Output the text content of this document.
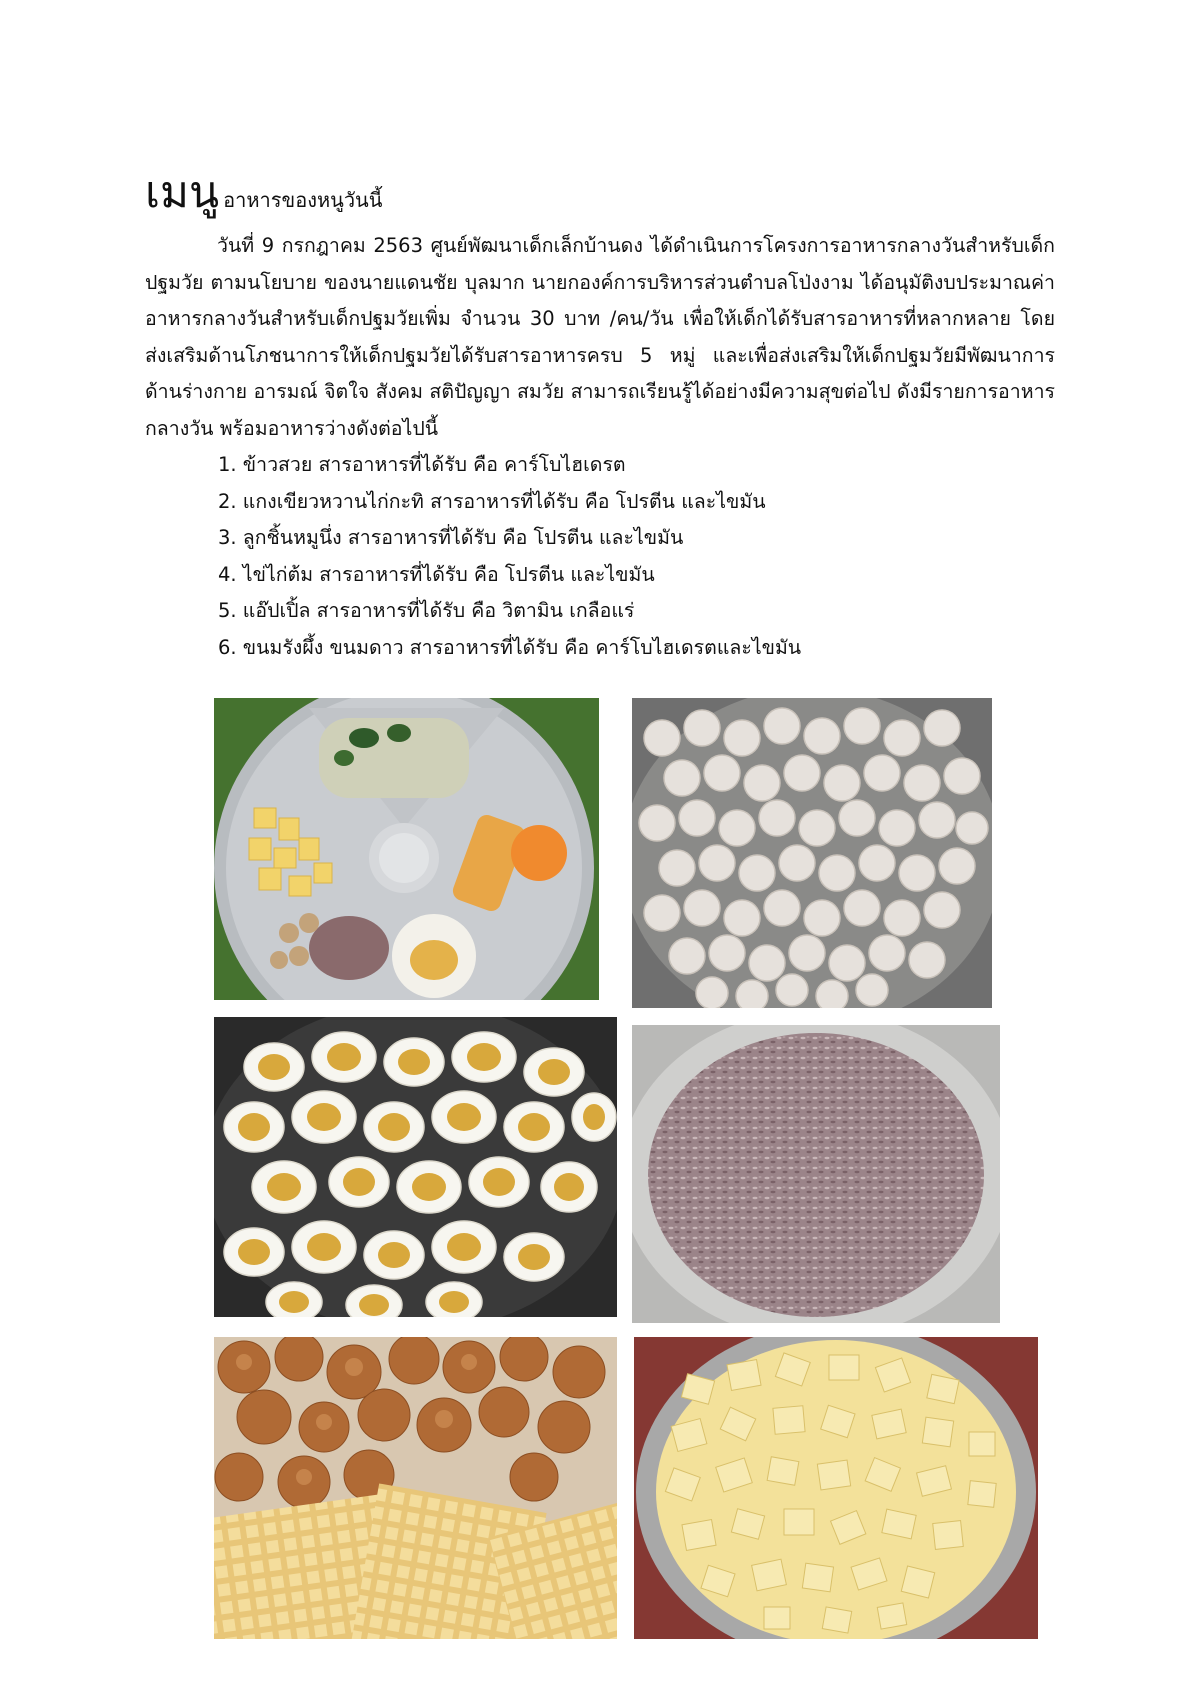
เมนู อาหารของหนูวันนี้
วันที่ 9 กรกฎาคม 2563 ศูนย์พัฒนาเด็กเล็กบ้านดง ได้ดำเนินการโครงการอาหารกลางวันสำหรับเด็กปฐมวัย ตามนโยบาย ของนายแดนชัย บุลมาก นายกองค์การบริหารส่วนตำบลโป่งงาม ได้อนุมัติงบประมาณค่าอาหารกลางวันสำหรับเด็กปฐมวัยเพิ่ม จำนวน 30 บาท /คน/วัน เพื่อให้เด็กได้รับสารอาหารที่หลากหลาย โดยส่งเสริมด้านโภชนาการให้เด็กปฐมวัยได้รับสารอาหารครบ 5 หมู่ และเพื่อส่งเสริมให้เด็กปฐมวัยมีพัฒนาการ ด้านร่างกาย อารมณ์ จิตใจ สังคม สติปัญญา สมวัย สามารถเรียนรู้ได้อย่างมีความสุขต่อไป ดังมีรายการอาหารกลางวัน พร้อมอาหารว่างดังต่อไปนี้
1. ข้าวสวย สารอาหารที่ได้รับ คือ คาร์โบไฮเดรต
2. แกงเขียวหวานไก่กะทิ สารอาหารที่ได้รับ คือ โปรตีน และไขมัน
3. ลูกชิ้นหมูนึ่ง สารอาหารที่ได้รับ คือ โปรตีน และไขมัน
4. ไข่ไก่ต้ม สารอาหารที่ได้รับ คือ โปรตีน และไขมัน
5. แอ๊ปเปิ้ล สารอาหารที่ได้รับ คือ วิตามิน เกลือแร่
6. ขนมรังผึ้ง ขนมดาว สารอาหารที่ได้รับ คือ คาร์โบไฮเดรตและไขมัน
